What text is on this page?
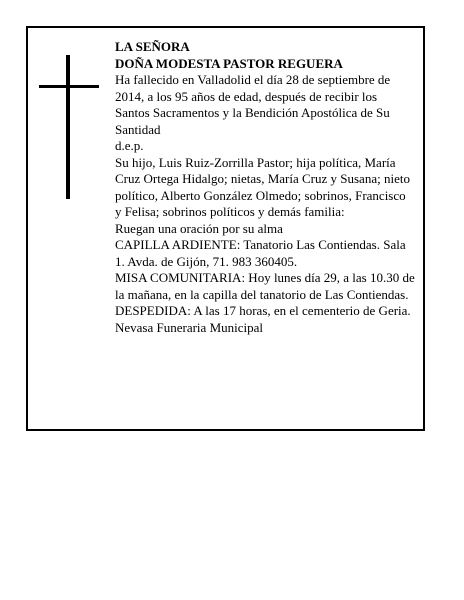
LA SEÑORA

DOÑA MODESTA PASTOR REGUERA

Ha fallecido en Valladolid el día 28 de septiembre de 2014, a los 95 años de edad, después de recibir los Santos Sacramentos y la Bendición Apostólica de Su Santidad

d.e.p.

Su hijo, Luis Ruiz-Zorrilla Pastor; hija política, María Cruz Ortega Hidalgo; nietas, María Cruz y Susana; nieto político, Alberto González Olmedo; sobrinos, Francisco y Felisa; sobrinos políticos y demás familia:

Ruegan una oración por su alma

CAPILLA ARDIENTE: Tanatorio Las Contiendas. Sala 1. Avda. de Gijón, 71. 983 360405.

MISA COMUNITARIA: Hoy lunes día 29, a las 10.30 de la mañana, en la capilla del tanatorio de Las Contiendas.

DESPEDIDA: A las 17 horas, en el cementerio de Geria.

Nevasa Funeraria Municipal
